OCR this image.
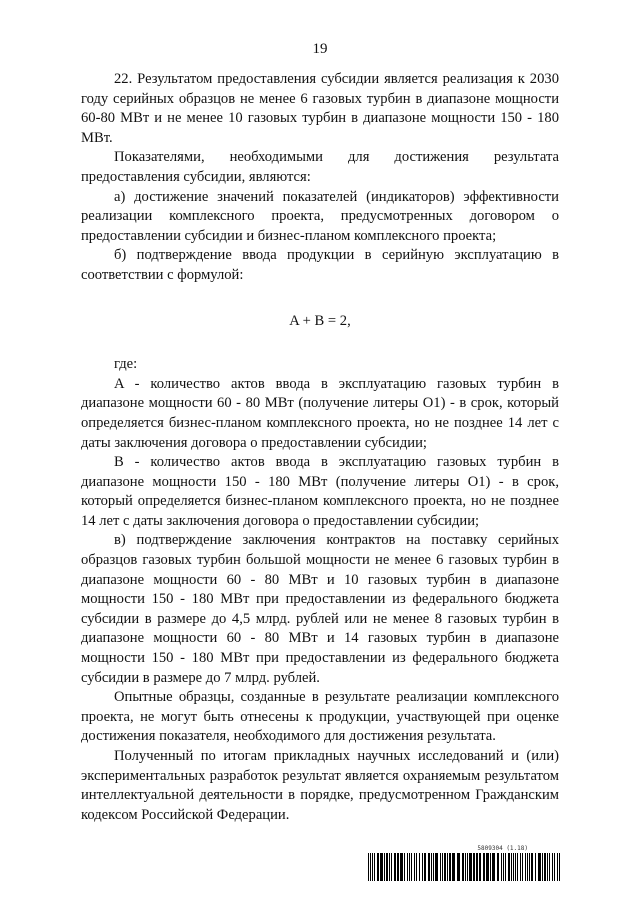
19

22. Результатом предоставления субсидии является реализация к 2030 году серийных образцов не менее 6 газовых турбин в диапазоне мощности 60-80 МВт и не менее 10 газовых турбин в диапазоне мощности 150 - 180 МВт.

Показателями, необходимыми для достижения результата предоставления субсидии, являются:

а) достижение значений показателей (индикаторов) эффективности реализации комплексного проекта, предусмотренных договором о предоставлении субсидии и бизнес-планом комплексного проекта;

б) подтверждение ввода продукции в серийную эксплуатацию в соответствии с формулой:

A + B = 2,

где:

A - количество актов ввода в эксплуатацию газовых турбин в диапазоне мощности 60 - 80 МВт (получение литеры О1) - в срок, который определяется бизнес-планом комплексного проекта, но не позднее 14 лет с даты заключения договора о предоставлении субсидии;

B - количество актов ввода в эксплуатацию газовых турбин в диапазоне мощности 150 - 180 МВт (получение литеры О1) - в срок, который определяется бизнес-планом комплексного проекта, но не позднее 14 лет с даты заключения договора о предоставлении субсидии;

в) подтверждение заключения контрактов на поставку серийных образцов газовых турбин большой мощности не менее 6 газовых турбин в диапазоне мощности 60 - 80 МВт и 10 газовых турбин в диапазоне мощности 150 - 180 МВт при предоставлении из федерального бюджета субсидии в размере до 4,5 млрд. рублей или не менее 8 газовых турбин в диапазоне мощности 60 - 80 МВт и 14 газовых турбин в диапазоне мощности 150 - 180 МВт при предоставлении из федерального бюджета субсидии в размере до 7 млрд. рублей.

Опытные образцы, созданные в результате реализации комплексного проекта, не могут быть отнесены к продукции, участвующей при оценке достижения показателя, необходимого для достижения результата.

Полученный по итогам прикладных научных исследований и (или) экспериментальных разработок результат является охраняемым результатом интеллектуальной деятельности в порядке, предусмотренном Гражданским кодексом Российской Федерации.

5809304 (1.18)
